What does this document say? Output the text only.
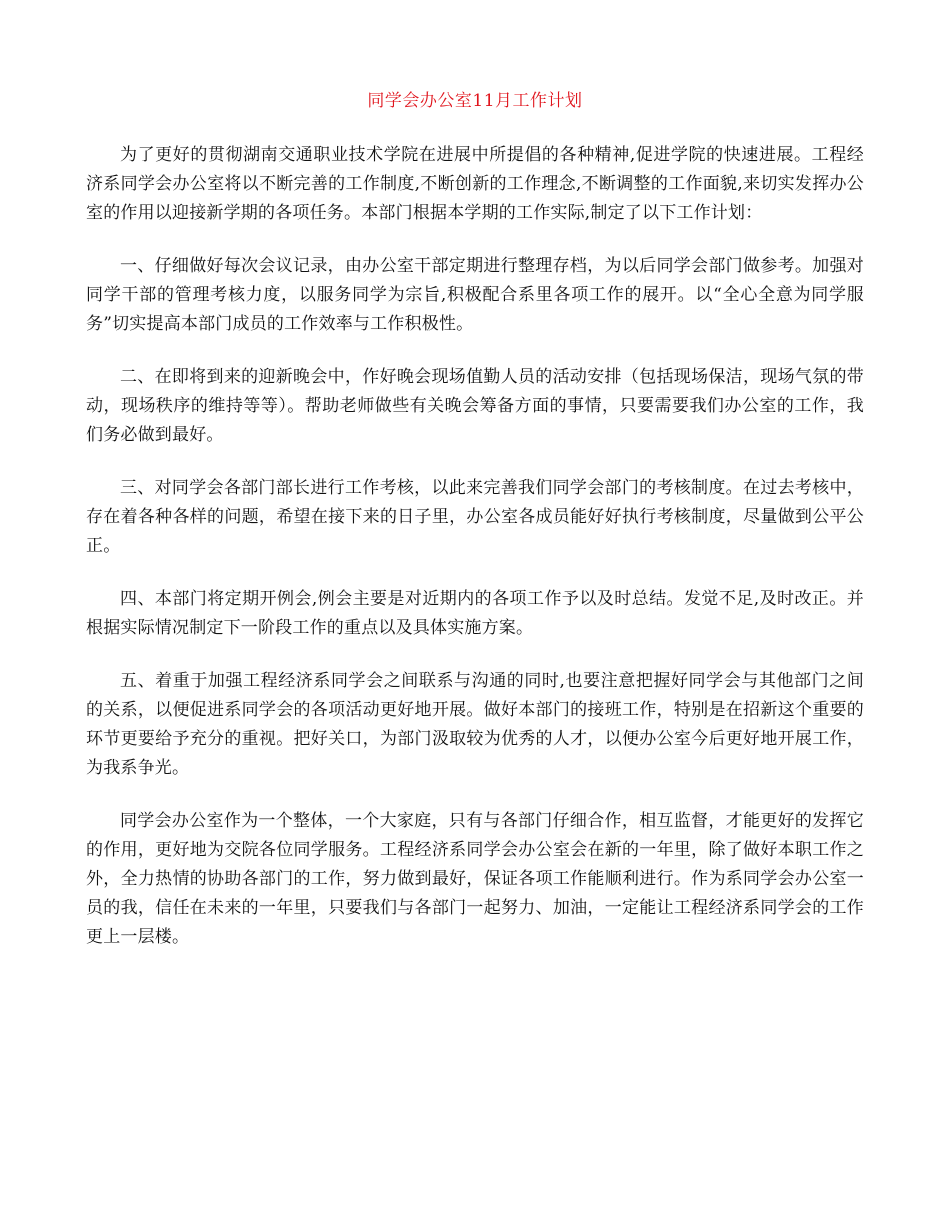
同学会办公室11月工作计划

为了更好的贯彻湖南交通职业技术学院在进展中所提倡的各种精神,促进学院的快速进展。工程经济系同学会办公室将以不断完善的工作制度,不断创新的工作理念,不断调整的工作面貌,来切实发挥办公室的作用以迎接新学期的各项任务。本部门根据本学期的工作实际,制定了以下工作计划：

一、仔细做好每次会议记录，由办公室干部定期进行整理存档，为以后同学会部门做参考。加强对同学干部的管理考核力度，以服务同学为宗旨,积极配合系里各项工作的展开。以“全心全意为同学服务”切实提高本部门成员的工作效率与工作积极性。

二、在即将到来的迎新晚会中，作好晚会现场值勤人员的活动安排（包括现场保洁，现场气氛的带动，现场秩序的维持等等）。帮助老师做些有关晚会筹备方面的事情，只要需要我们办公室的工作，我们务必做到最好。

三、对同学会各部门部长进行工作考核，以此来完善我们同学会部门的考核制度。在过去考核中，存在着各种各样的问题，希望在接下来的日子里，办公室各成员能好好执行考核制度，尽量做到公平公正。

四、本部门将定期开例会,例会主要是对近期内的各项工作予以及时总结。发觉不足,及时改正。并根据实际情况制定下一阶段工作的重点以及具体实施方案。

五、着重于加强工程经济系同学会之间联系与沟通的同时,也要注意把握好同学会与其他部门之间的关系，以便促进系同学会的各项活动更好地开展。做好本部门的接班工作，特别是在招新这个重要的环节更要给予充分的重视。把好关口，为部门汲取较为优秀的人才，以便办公室今后更好地开展工作，为我系争光。

同学会办公室作为一个整体，一个大家庭，只有与各部门仔细合作，相互监督，才能更好的发挥它的作用，更好地为交院各位同学服务。工程经济系同学会办公室会在新的一年里，除了做好本职工作之外，全力热情的协助各部门的工作，努力做到最好，保证各项工作能顺利进行。作为系同学会办公室一员的我，信任在未来的一年里，只要我们与各部门一起努力、加油，一定能让工程经济系同学会的工作更上一层楼。
